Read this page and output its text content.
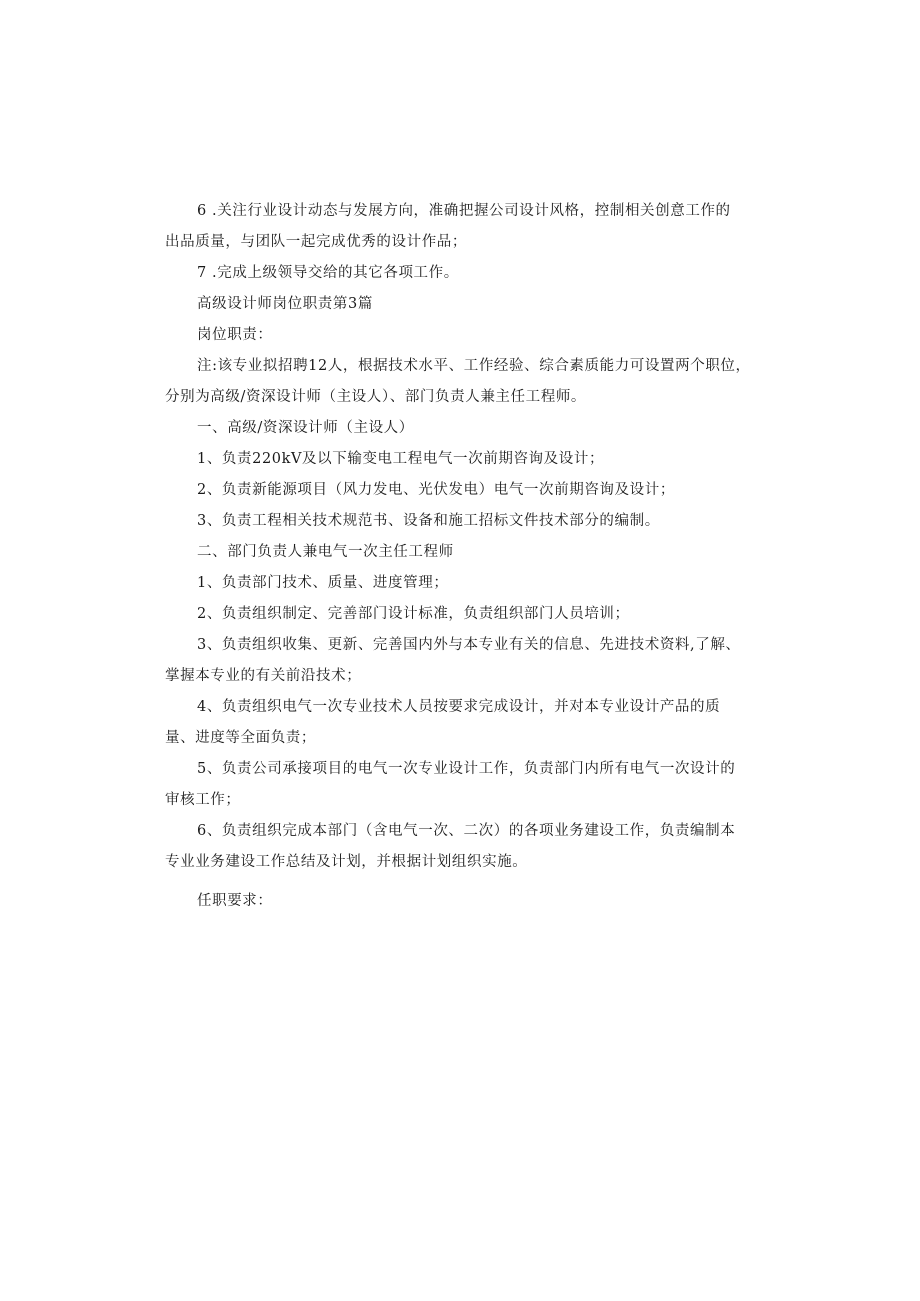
6 .关注行业设计动态与发展方向，准确把握公司设计风格，控制相关创意工作的

出品质量，与团队一起完成优秀的设计作品；

7 .完成上级领导交给的其它各项工作。

高级设计师岗位职责第3篇

岗位职责：

注:该专业拟招聘12人，根据技术水平、工作经验、综合素质能力可设置两个职位，

分别为高级/资深设计师（主设人）、部门负责人兼主任工程师。

一、高级/资深设计师（主设人）

1、负责220kV及以下输变电工程电气一次前期咨询及设计；

2、负责新能源项目（风力发电、光伏发电）电气一次前期咨询及设计；

3、负责工程相关技术规范书、设备和施工招标文件技术部分的编制。

二、部门负责人兼电气一次主任工程师

1、负责部门技术、质量、进度管理；

2、负责组织制定、完善部门设计标准，负责组织部门人员培训；

3、负责组织收集、更新、完善国内外与本专业有关的信息、先进技术资料,了解、

掌握本专业的有关前沿技术；

4、负责组织电气一次专业技术人员按要求完成设计，并对本专业设计产品的质

量、进度等全面负责；

5、负责公司承接项目的电气一次专业设计工作，负责部门内所有电气一次设计的

审核工作；

6、负责组织完成本部门（含电气一次、二次）的各项业务建设工作，负责编制本

专业业务建设工作总结及计划，并根据计划组织实施。

任职要求：
